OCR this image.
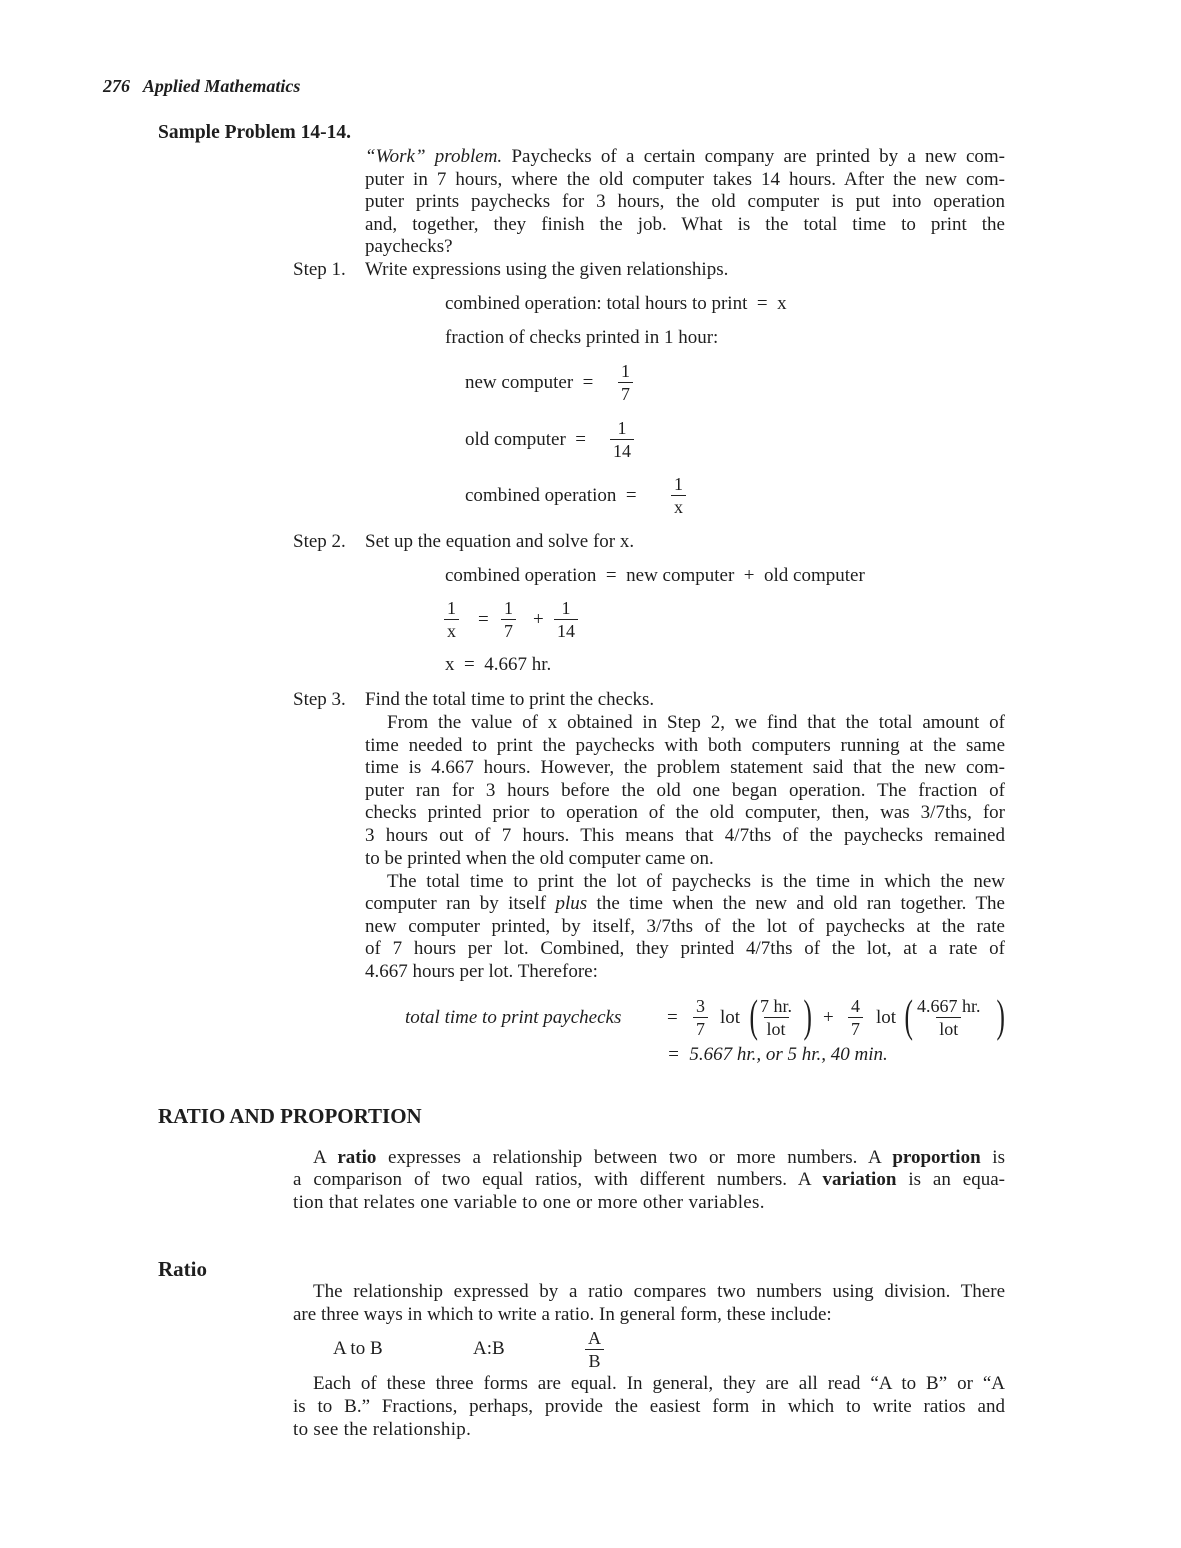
276 Applied Mathematics
Sample Problem 14-14.
“Work” problem. Paychecks of a certain company are printed by a new com-
puter in 7 hours, where the old computer takes 14 hours. After the new com-
puter prints paychecks for 3 hours, the old computer is put into operation
and, together, they finish the job. What is the total time to print the
paychecks?
Step 1. Write expressions using the given relationships.
combined operation: total hours to print  =  x
fraction of checks printed in 1 hour:
new computer  = $\frac{1}{7}$
old computer  = $\frac{1}{14}$
combined operation  = $\frac{1}{x}$
Step 2. Set up the equation and solve for x.
combined operation  =  new computer  +  old computer
$\frac{1}{x} = \frac{1}{7} + \frac{1}{14}$
x  =  4.667 hr.
Step 3. Find the total time to print the checks.
From the value of x obtained in Step 2, we find that the total amount of
time needed to print the paychecks with both computers running at the same
time is 4.667 hours. However, the problem statement said that the new com-
puter ran for 3 hours before the old one began operation. The fraction of
checks printed prior to operation of the old computer, then, was 3/7ths, for
3 hours out of 7 hours. This means that 4/7ths of the paychecks remained
to be printed when the old computer came on.
The total time to print the lot of paychecks is the time in which the new
computer ran by itself plus the time when the new and old ran together. The
new computer printed, by itself, 3/7ths of the lot of paychecks at the rate
of 7 hours per lot. Combined, they printed 4/7ths of the lot, at a rate of
4.667 hours per lot. Therefore:
total time to print paychecks = $\frac{3}{7}$ lot ( 7 hr.
lot ) + $\frac{4}{7}$ lot ( 4.667 hr.
lot )
=  5.667 hr., or 5 hr., 40 min.
RATIO AND PROPORTION
A ratio expresses a relationship between two or more numbers. A proportion is
a comparison of two equal ratios, with different numbers. A variation is an equa-
tion that relates one variable to one or more other variables.
Ratio
The relationship expressed by a ratio compares two numbers using division. There
are three ways in which to write a ratio. In general form, these include:
A to B	A:B	$\frac{A}{B}$
Each of these three forms are equal. In general, they are all read “A to B” or “A
is to B.” Fractions, perhaps, provide the easiest form in which to write ratios and
to see the relationship.
